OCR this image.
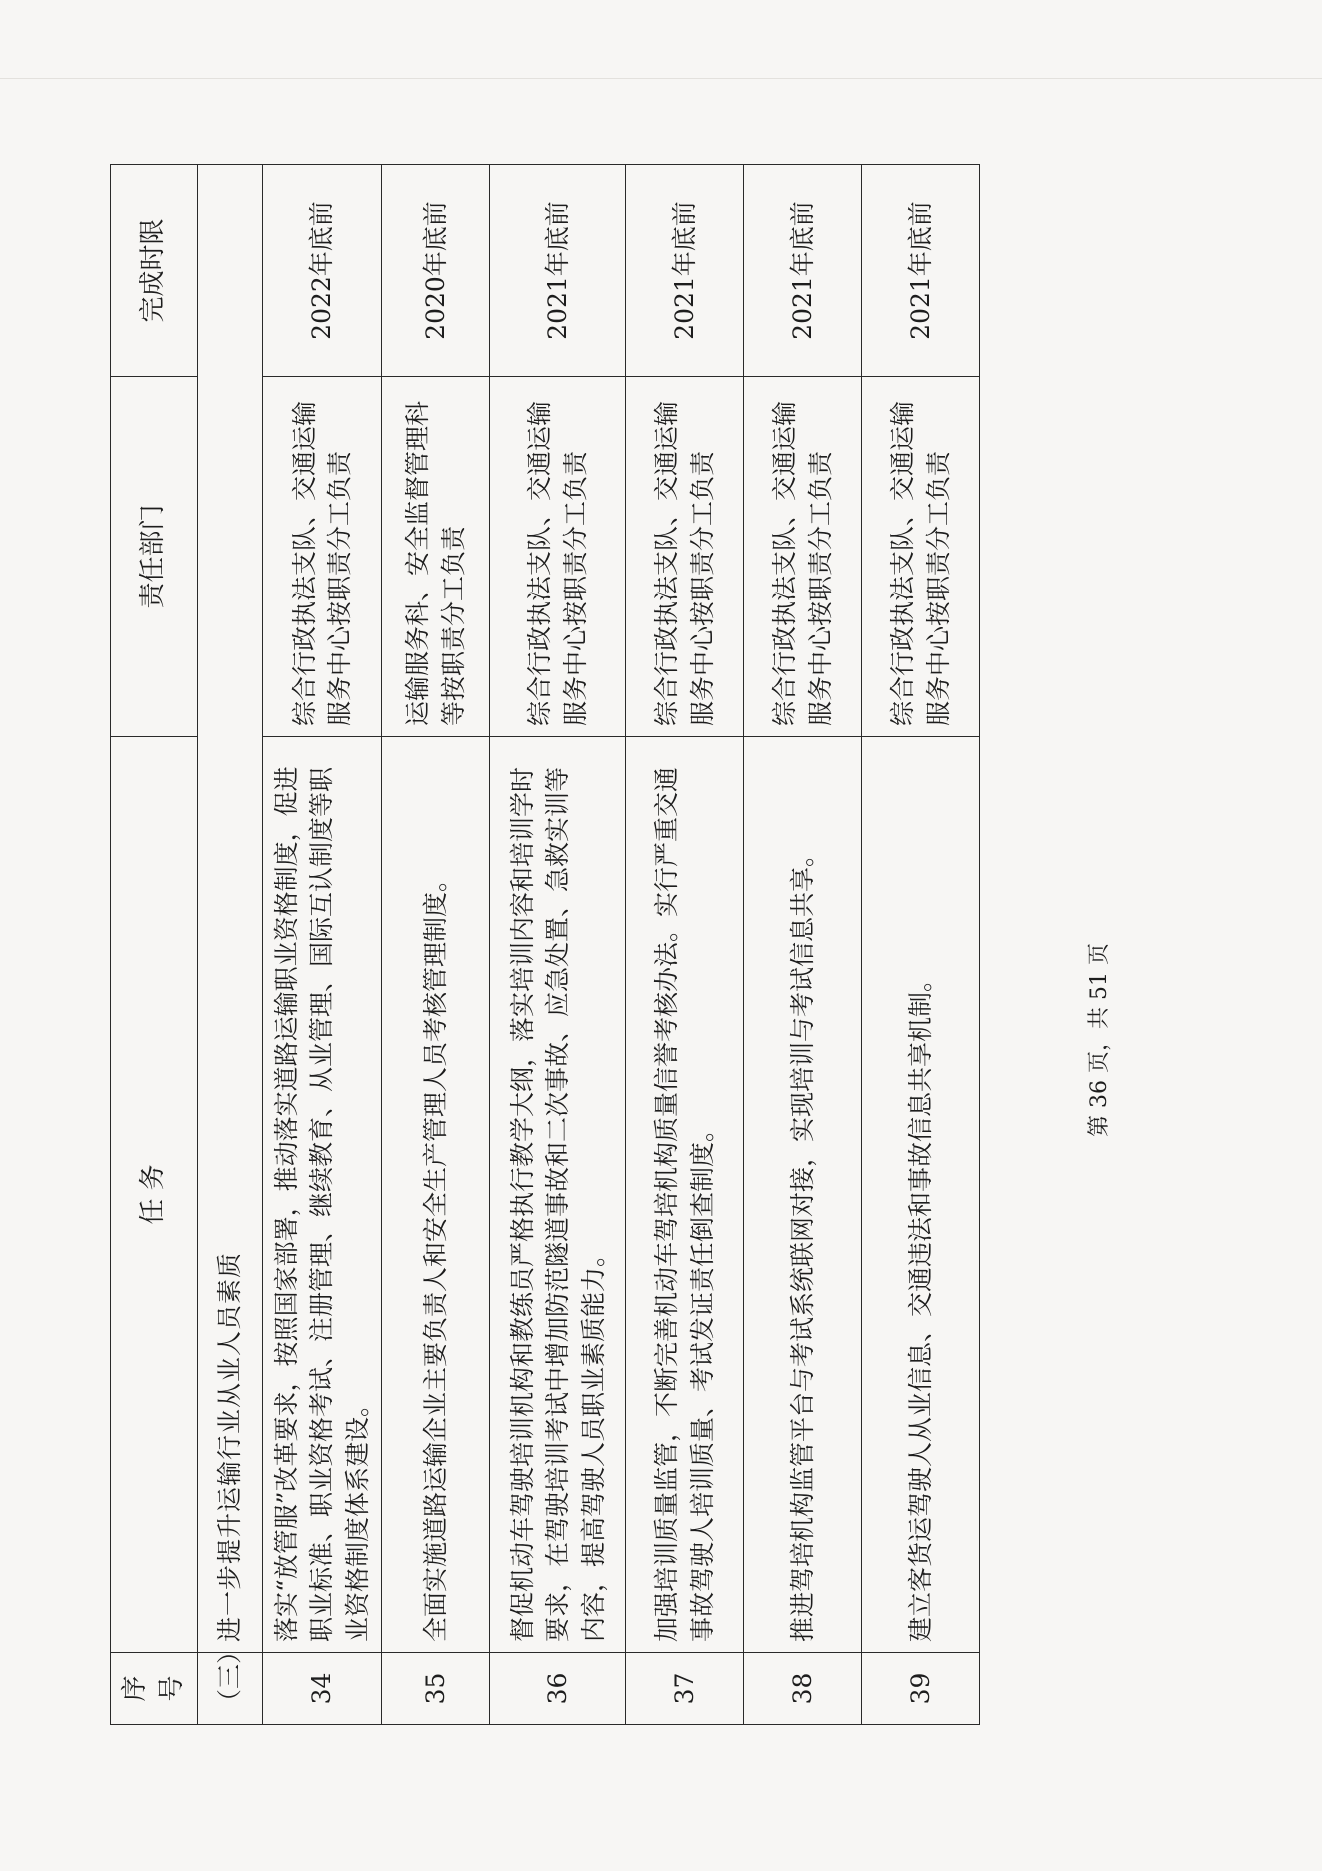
序号	任 务	责任部门	完成时限
（三）	进一步提升运输行业从业人员素质		
34	落实“放管服”改革要求，按照国家部署，推动落实道路运输职业资格制度，促进职业标准、职业资格考试、注册管理、继续教育、从业管理、国际互认制度等职业资格制度体系建设。	综合行政执法支队、交通运输服务中心按职责分工负责	2022年底前
35	全面实施道路运输企业主要负责人和安全生产管理人员考核管理制度。	运输服务科、安全监督管理科等按职责分工负责	2020年底前
36	督促机动车驾驶培训机构和教练员严格执行教学大纲，落实培训内容和培训学时要求，在驾驶培训考试中增加防范隧道事故和二次事故、应急处置、急救实训等内容，提高驾驶人员职业素质能力。	综合行政执法支队、交通运输服务中心按职责分工负责	2021年底前
37	加强培训质量监管，不断完善机动车驾培机构质量信誉考核办法。实行严重交通事故驾驶人培训质量、考试发证责任倒查制度。	综合行政执法支队、交通运输服务中心按职责分工负责	2021年底前
38	推进驾培机构监管平台与考试系统联网对接，实现培训与考试信息共享。	综合行政执法支队、交通运输服务中心按职责分工负责	2021年底前
39	建立客货运驾驶人从业信息、交通违法和事故信息共享机制。	综合行政执法支队、交通运输服务中心按职责分工负责	2021年底前
第 36 页，共 51 页
